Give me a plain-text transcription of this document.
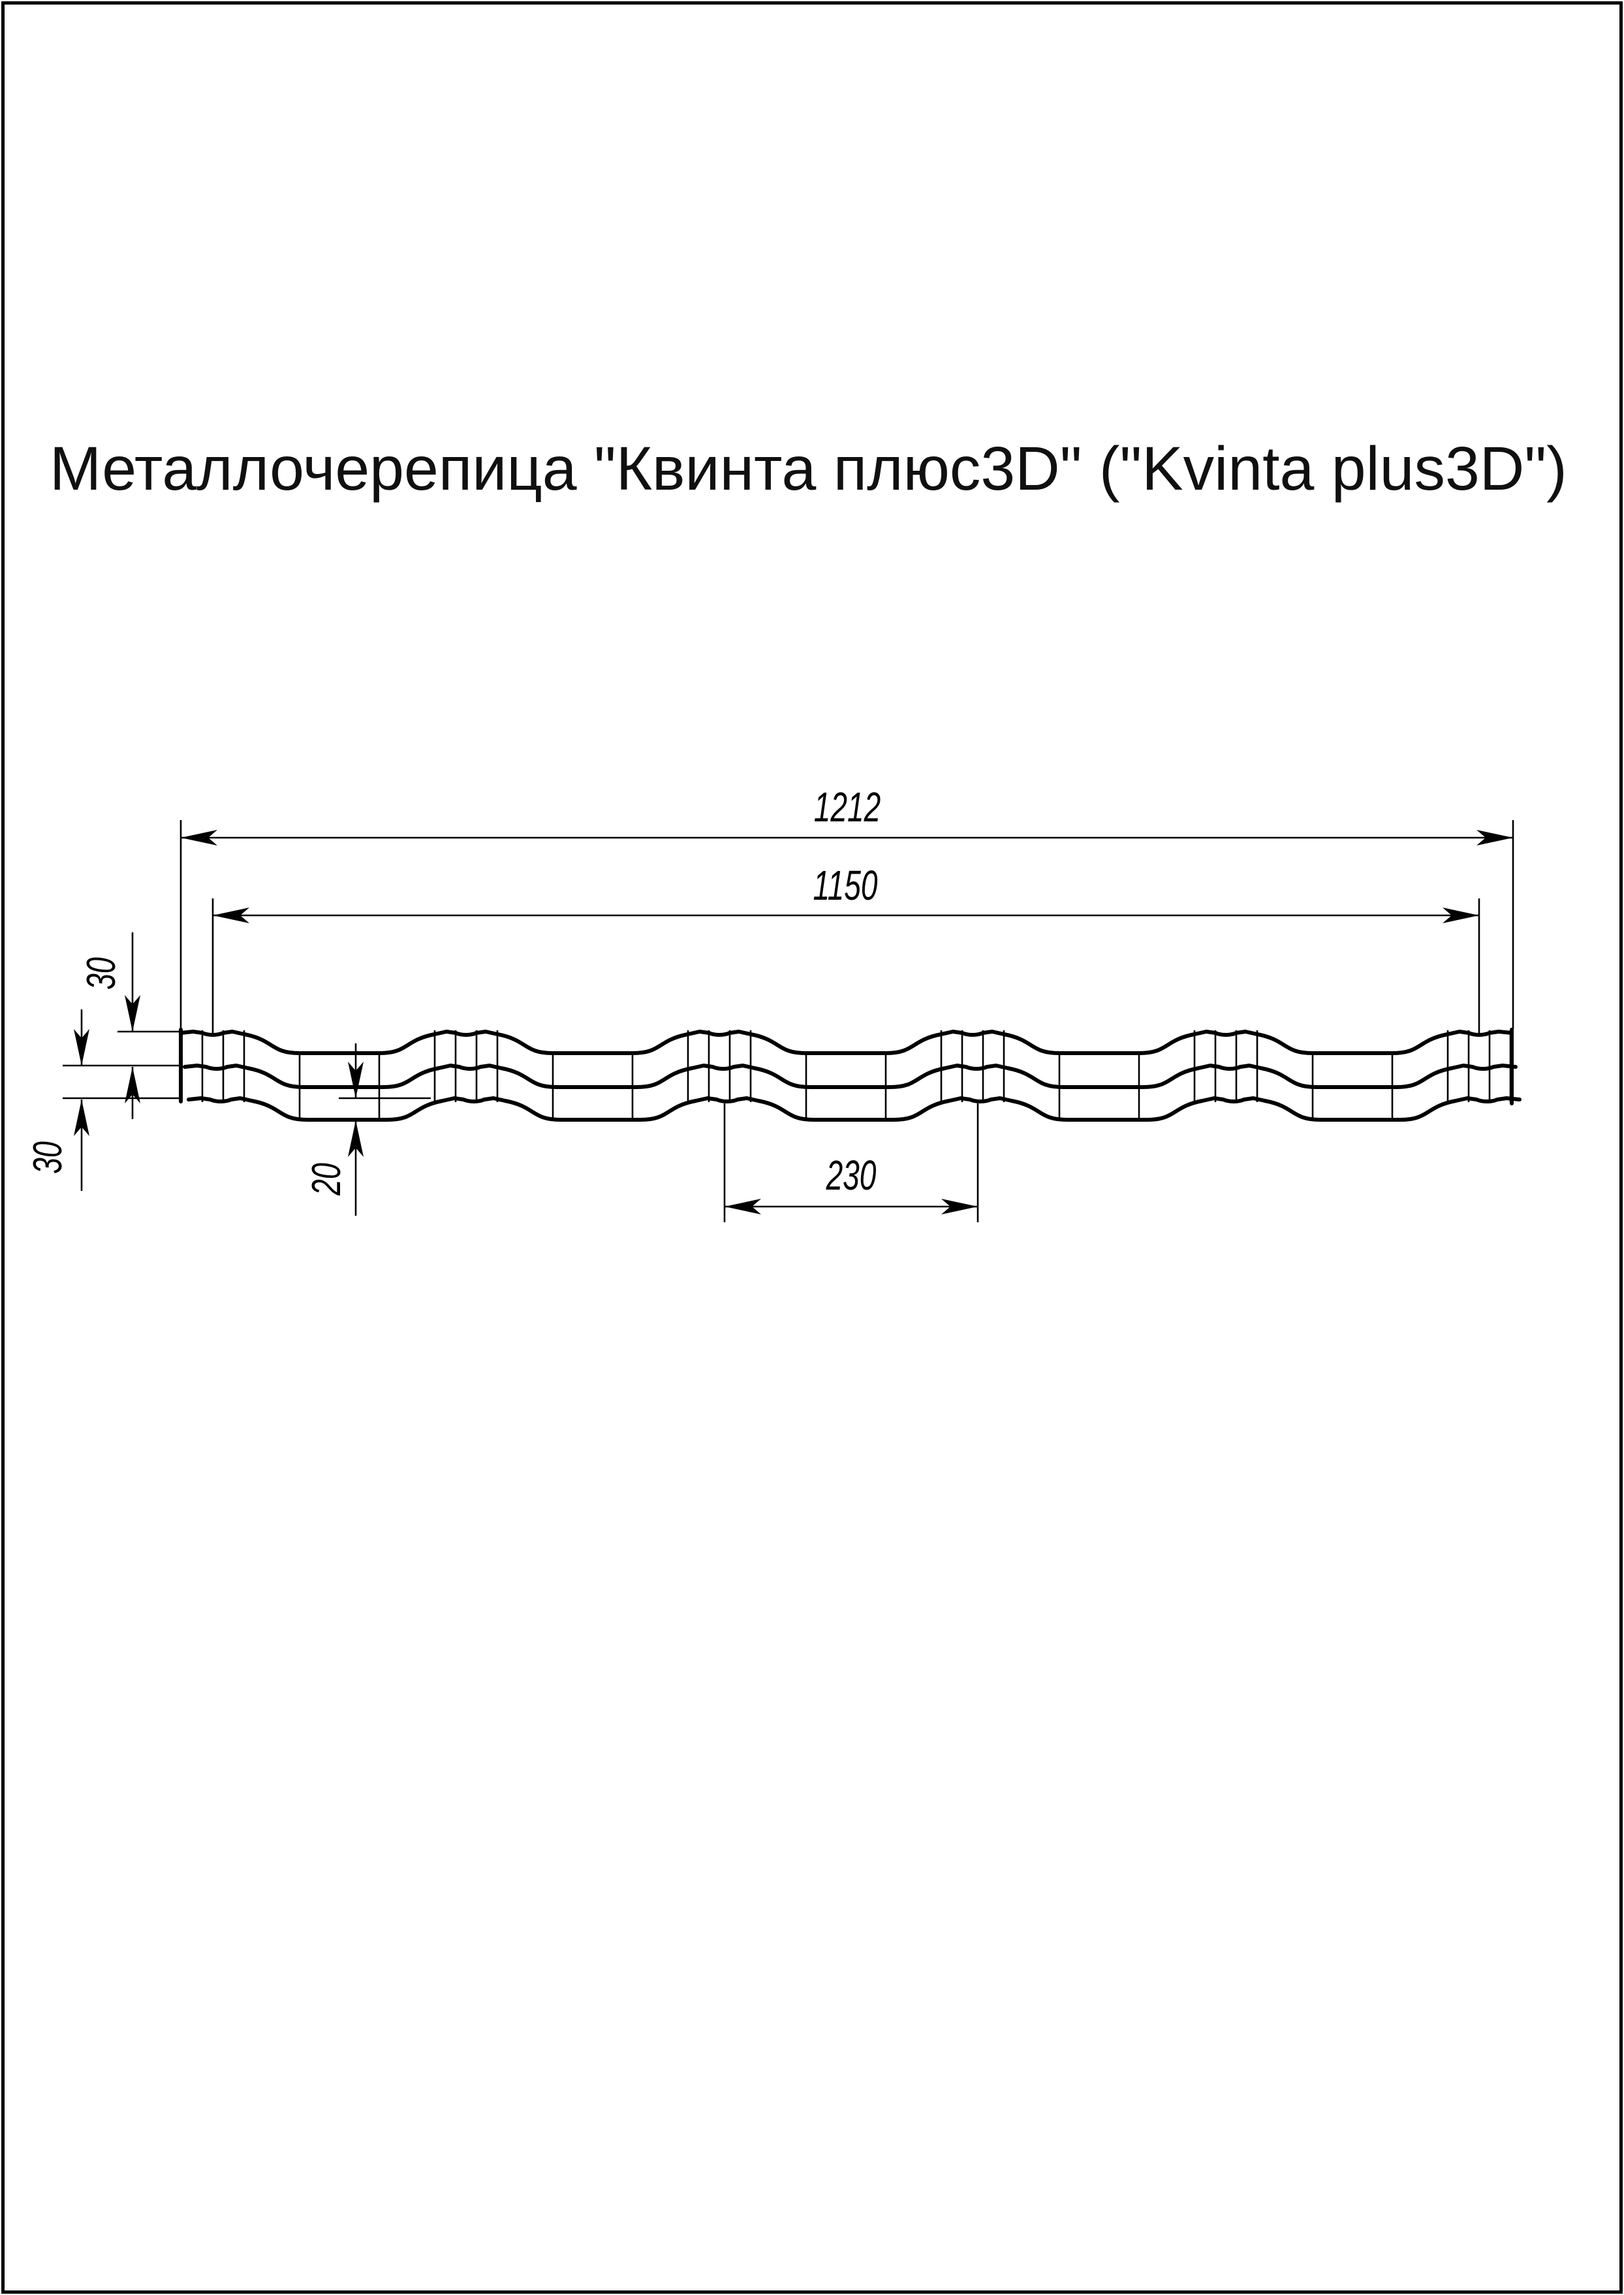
Металлочерепица "Квинта плюс3D" ("Kvinta plus3D")
1212
1150
230
30
30
20
